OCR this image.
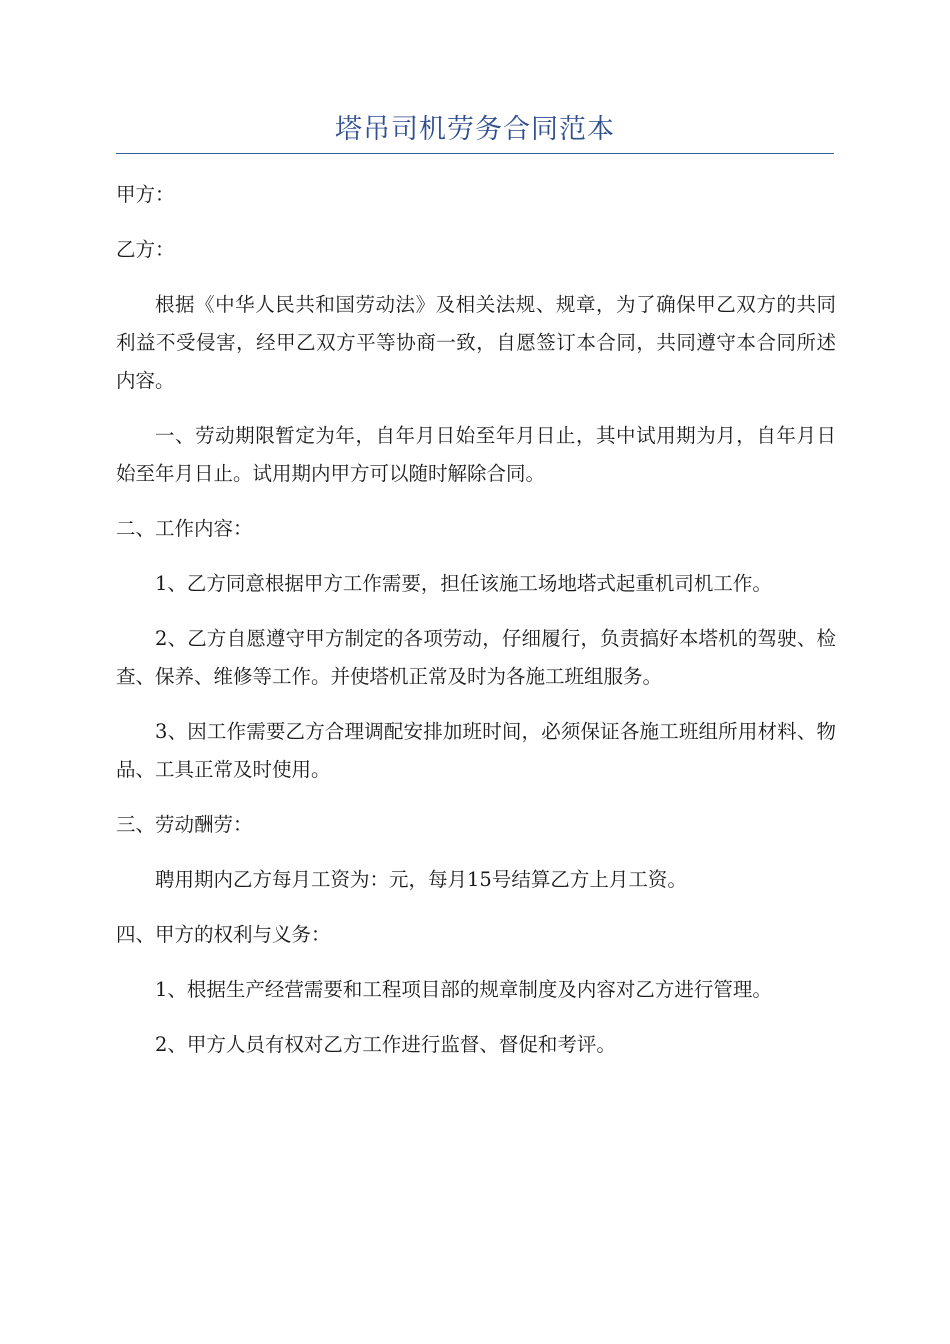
塔吊司机劳务合同范本

甲方：

乙方：

根据《中华人民共和国劳动法》及相关法规、规章，为了确保甲乙双方的共同利益不受侵害，经甲乙双方平等协商一致，自愿签订本合同，共同遵守本合同所述内容。

一、劳动期限暂定为年，自年月日始至年月日止，其中试用期为月，自年月日始至年月日止。试用期内甲方可以随时解除合同。

二、工作内容：

1、乙方同意根据甲方工作需要，担任该施工场地塔式起重机司机工作。

2、乙方自愿遵守甲方制定的各项劳动，仔细履行，负责搞好本塔机的驾驶、检查、保养、维修等工作。并使塔机正常及时为各施工班组服务。

3、因工作需要乙方合理调配安排加班时间，必须保证各施工班组所用材料、物品、工具正常及时使用。

三、劳动酬劳：

聘用期内乙方每月工资为：元，每月15号结算乙方上月工资。

四、甲方的权利与义务：

1、根据生产经营需要和工程项目部的规章制度及内容对乙方进行管理。

2、甲方人员有权对乙方工作进行监督、督促和考评。
